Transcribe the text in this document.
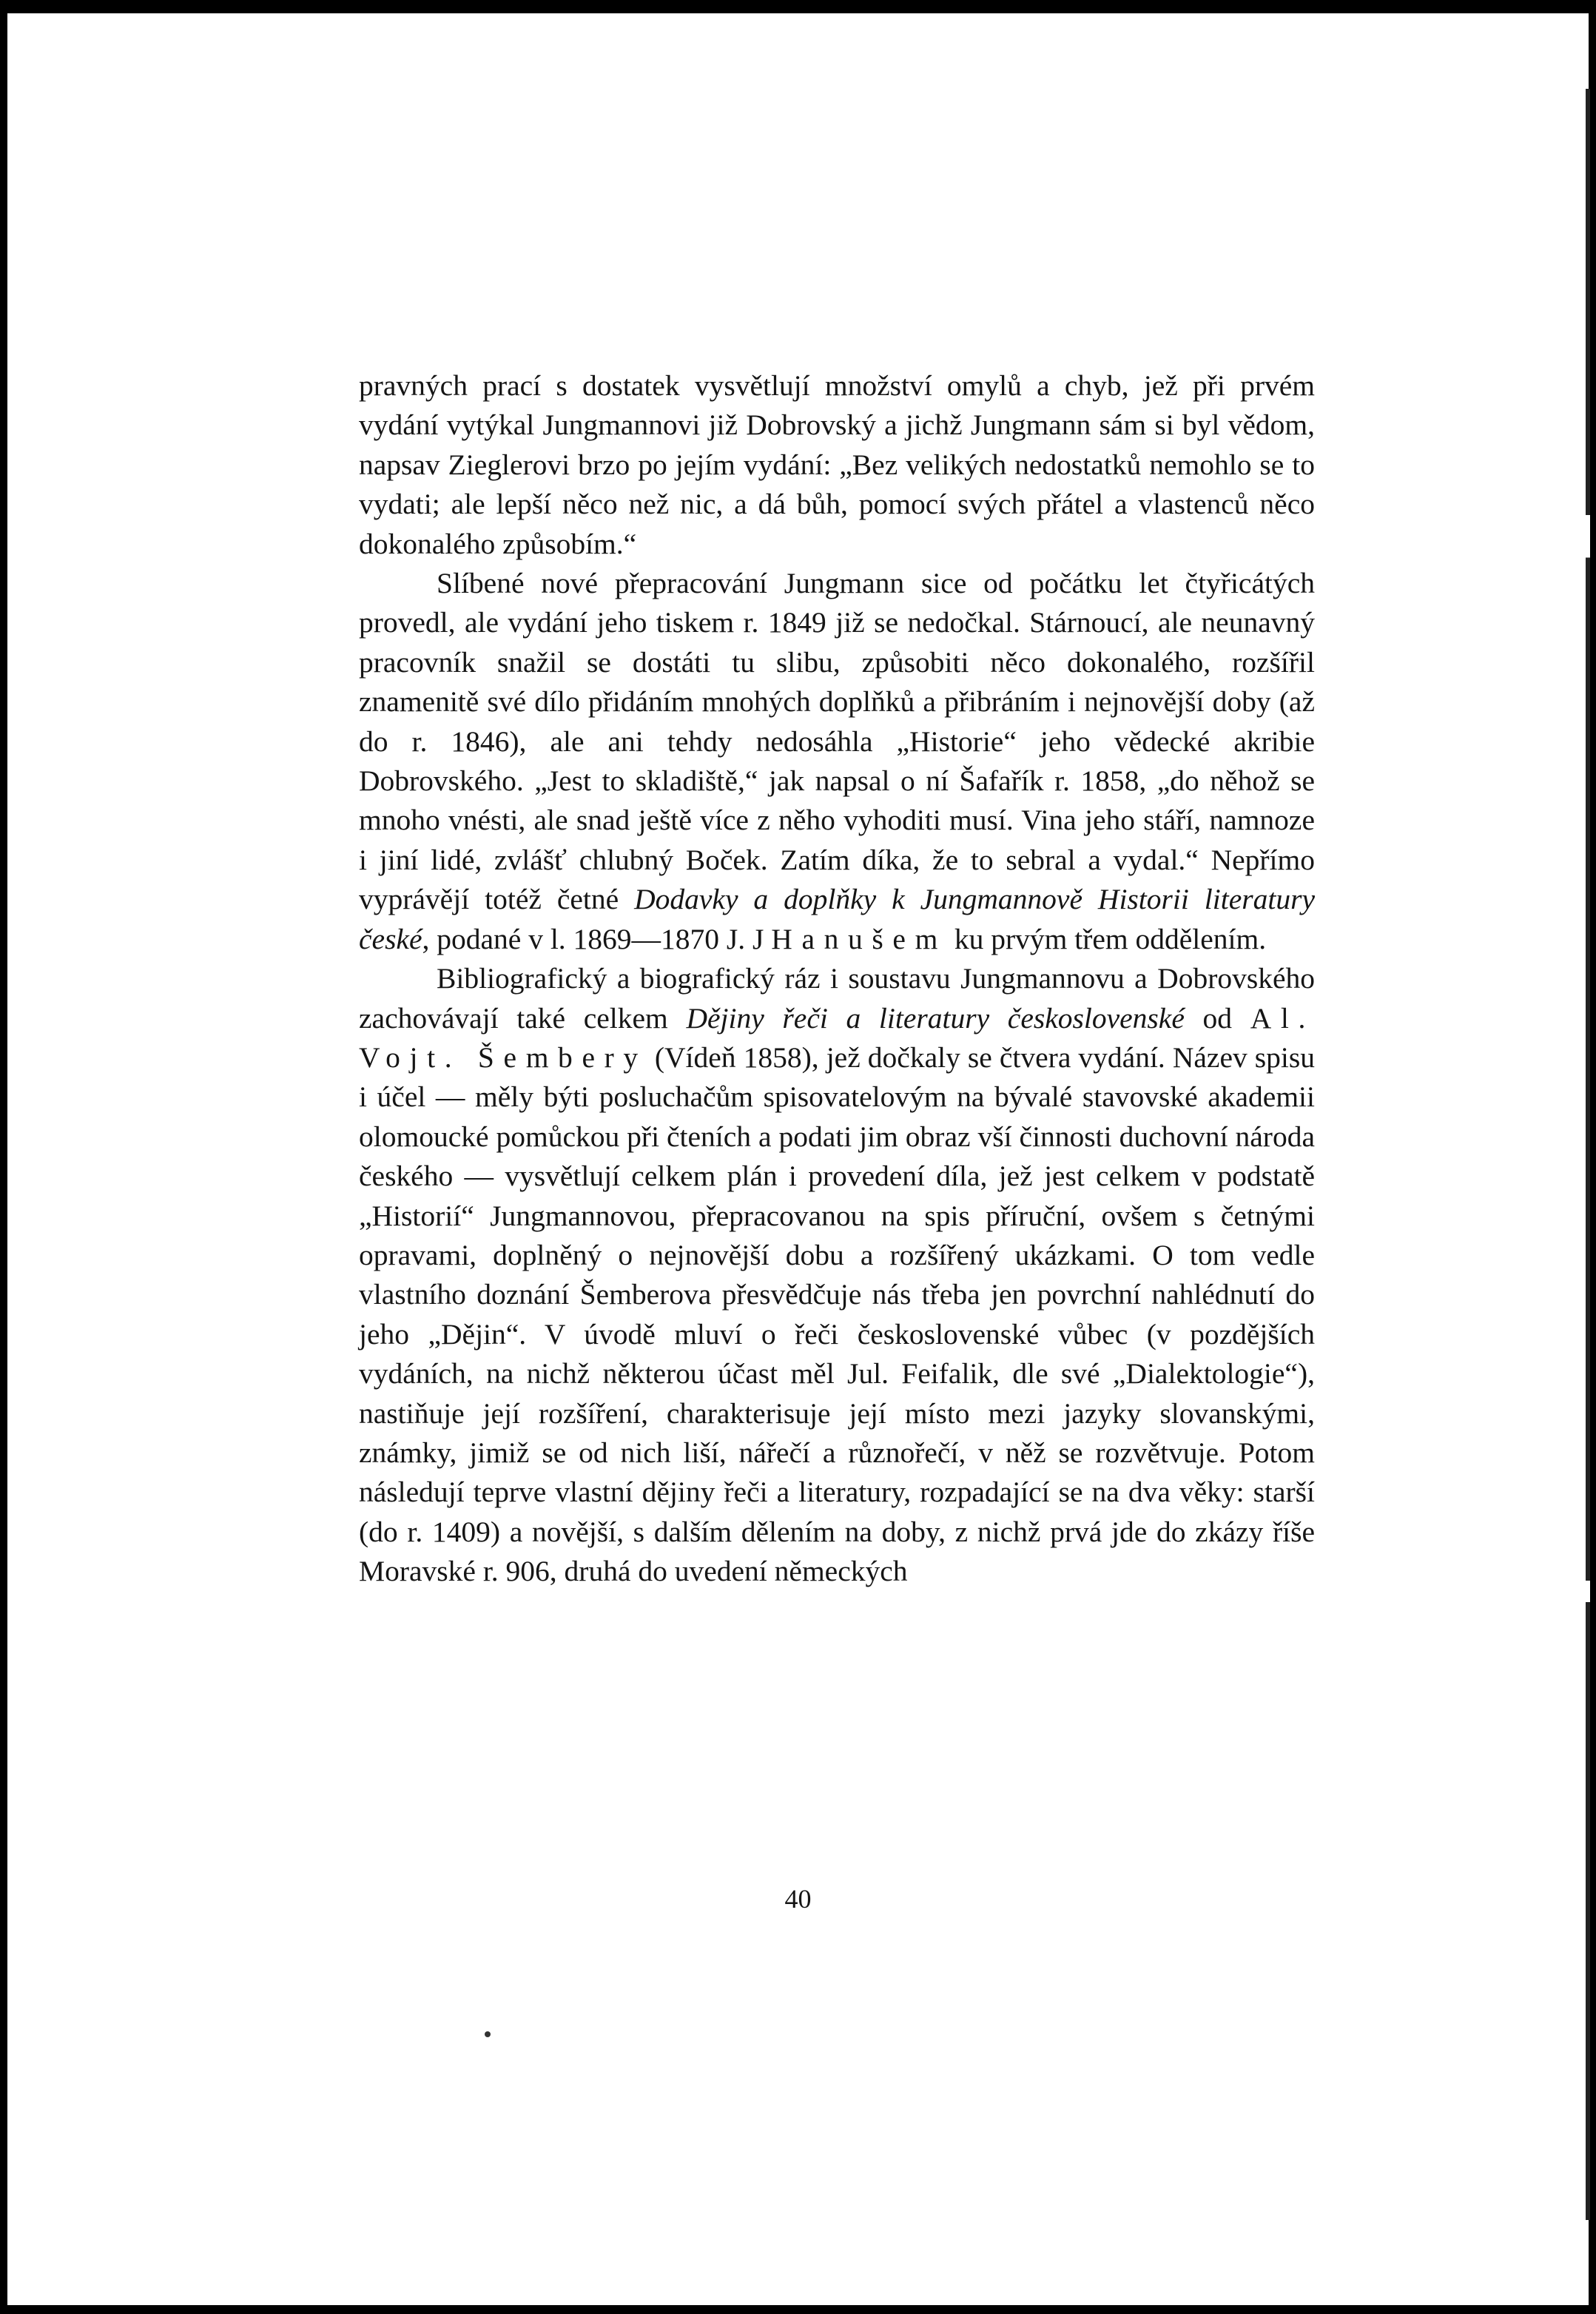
pravných prací s dostatek vysvětlují množství omylů a chyb, jež při prvém vydání vytýkal Jungmannovi již Dobrovský a jichž Jungmann sám si byl vědom, napsav Zieglerovi brzo po jejím vydání: „Bez velikých nedostatků nemohlo se to vydati; ale lepší něco než nic, a dá bůh, pomocí svých přátel a vlastenců něco dokonalého způsobím.“

Slíbené nové přepracování Jungmann sice od počátku let čtyřicátých provedl, ale vydání jeho tiskem r. 1849 již se nedočkal. Stárnoucí, ale neunavný pracovník snažil se dostáti tu slibu, způsobiti něco dokonalého, rozšířil znamenitě své dílo přidáním mnohých doplňků a přibráním i nejnovější doby (až do r. 1846), ale ani tehdy nedosáhla „Historie“ jeho vědecké akribie Dobrovského. „Jest to skladiště,“ jak napsal o ní Šafařík r. 1858, „do něhož se mnoho vnésti, ale snad ještě více z něho vyhoditi musí. Vina jeho stáří, namnoze i jiní lidé, zvlášť chlubný Boček. Zatím díka, že to sebral a vydal.“ Nepřímo vyprávějí totéž četné Dodavky a doplňky k Jungmannově Historii literatury české, podané v l. 1869—1870 J. J Hanušem ku prvým třem oddělením.

Bibliografický a biografický ráz i soustavu Jungmannovu a Dobrovského zachovávají také celkem Dějiny řeči a literatury československé od Al. Vojt. Šembery (Vídeň 1858), jež dočkaly se čtvera vydání. Název spisu i účel — měly býti posluchačům spisovatelovým na bývalé stavovské akademii olomoucké pomůckou při čteních a podati jim obraz vší činnosti duchovní národa českého — vysvětlují celkem plán i provedení díla, jež jest celkem v podstatě „Historií“ Jungmannovou, přepracovanou na spis příruční, ovšem s četnými opravami, doplněný o nejnovější dobu a rozšířený ukázkami. O tom vedle vlastního doznání Šemberova přesvědčuje nás třeba jen povrchní nahlédnutí do jeho „Dějin“. V úvodě mluví o řeči československé vůbec (v pozdějších vydáních, na nichž některou účast měl Jul. Feifalik, dle své „Dialektologie“), nastiňuje její rozšíření, charakterisuje její místo mezi jazyky slovanskými, známky, jimiž se od nich liší, nářečí a různořečí, v něž se rozvětvuje. Potom následují teprve vlastní dějiny řeči a literatury, rozpadající se na dva věky: starší (do r. 1409) a novější, s dalším dělením na doby, z nichž prvá jde do zkázy říše Moravské r. 906, druhá do uvedení německých

40
